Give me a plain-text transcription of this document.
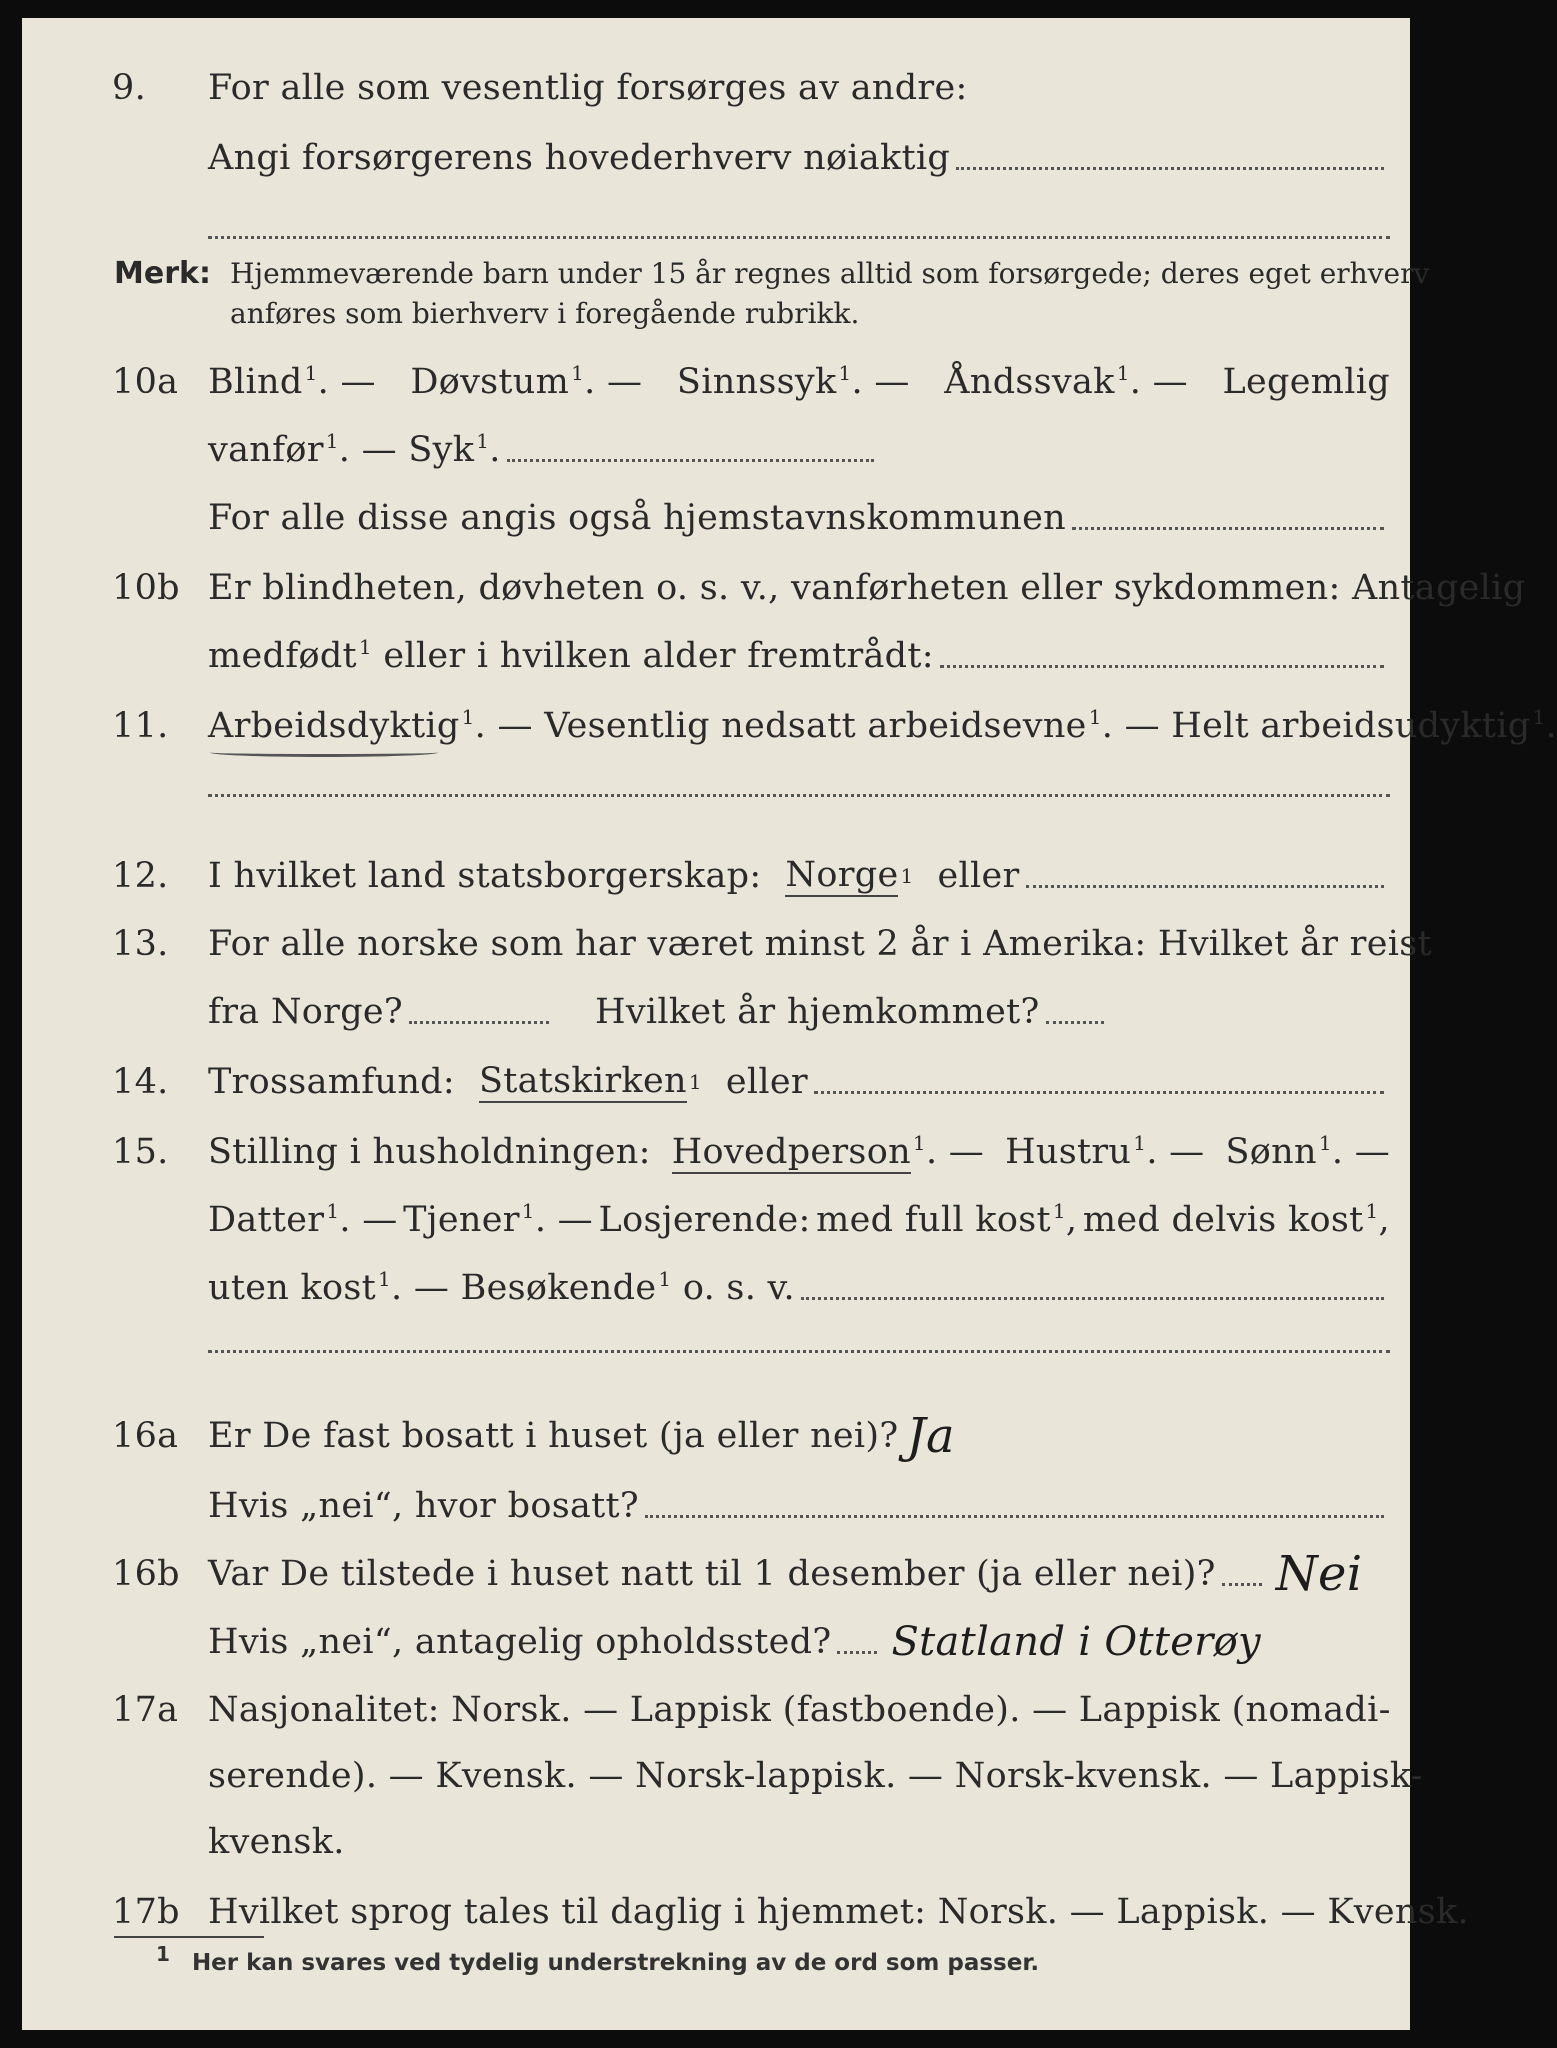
9.	For alle som vesentlig forsørges av andre:
Angi forsørgerens hovederhverv nøiaktig
Merk: Hjemmeværende barn under 15 år regnes alltid som forsørgede; deres eget erhverv
anføres som bierhverv i foregående rubrikk.
10a Blind $^1$. — Døvstum $^1$. — Sinnssyk $^1$. — Åndssvak $^1$. — Legemlig
vanfør $^1$. — Syk $^1$.
For alle disse angis også hjemstavnskommunen
10b Er blindheten, døvheten o. s. v., vanførheten eller sykdommen: Antagelig
medfødt $^1$ eller i hvilken alder fremtrådt:
11.	Arbeidsdyktig $^1$. — Vesentlig nedsatt arbeidsevne $^1$. — Helt arbeidsudyktig $^1$.
12.	I hvilket land statsborgerskap: Norge 1 eller
13.	For alle norske som har været minst 2 år i Amerika: Hvilket år reist
fra Norge?	Hvilket år hjemkommet?
14.	Trossamfund: Statskirken 1 eller
15.	Stilling i husholdningen: Hovedperson $^1$. — Hustru $^1$. — Sønn $^1$. —
Datter $^1$. — Tjener $^1$. — Losjerende: med full kost $^1$, med delvis kost $^1$,
uten kost $^1$. — Besøkende $^1$ o. s. v.
16a Er De fast bosatt i huset (ja eller nei)? Ja
Hvis „nei“, hvor bosatt?
16b Var De tilstede i huset natt til 1 desember (ja eller nei)? Nei
Hvis „nei“, antagelig opholdssted? Statland i Otterøy
17a Nasjonalitet: Norsk. — Lappisk (fastboende). — Lappisk (nomadi-
serende). — Kvensk. — Norsk-lappisk. — Norsk-kvensk. — Lappisk-
kvensk.
17b Hvilket sprog tales til daglig i hjemmet: Norsk. — Lappisk. — Kvensk.
$^1$ Her kan svares ved tydelig understrekning av de ord som passer.
